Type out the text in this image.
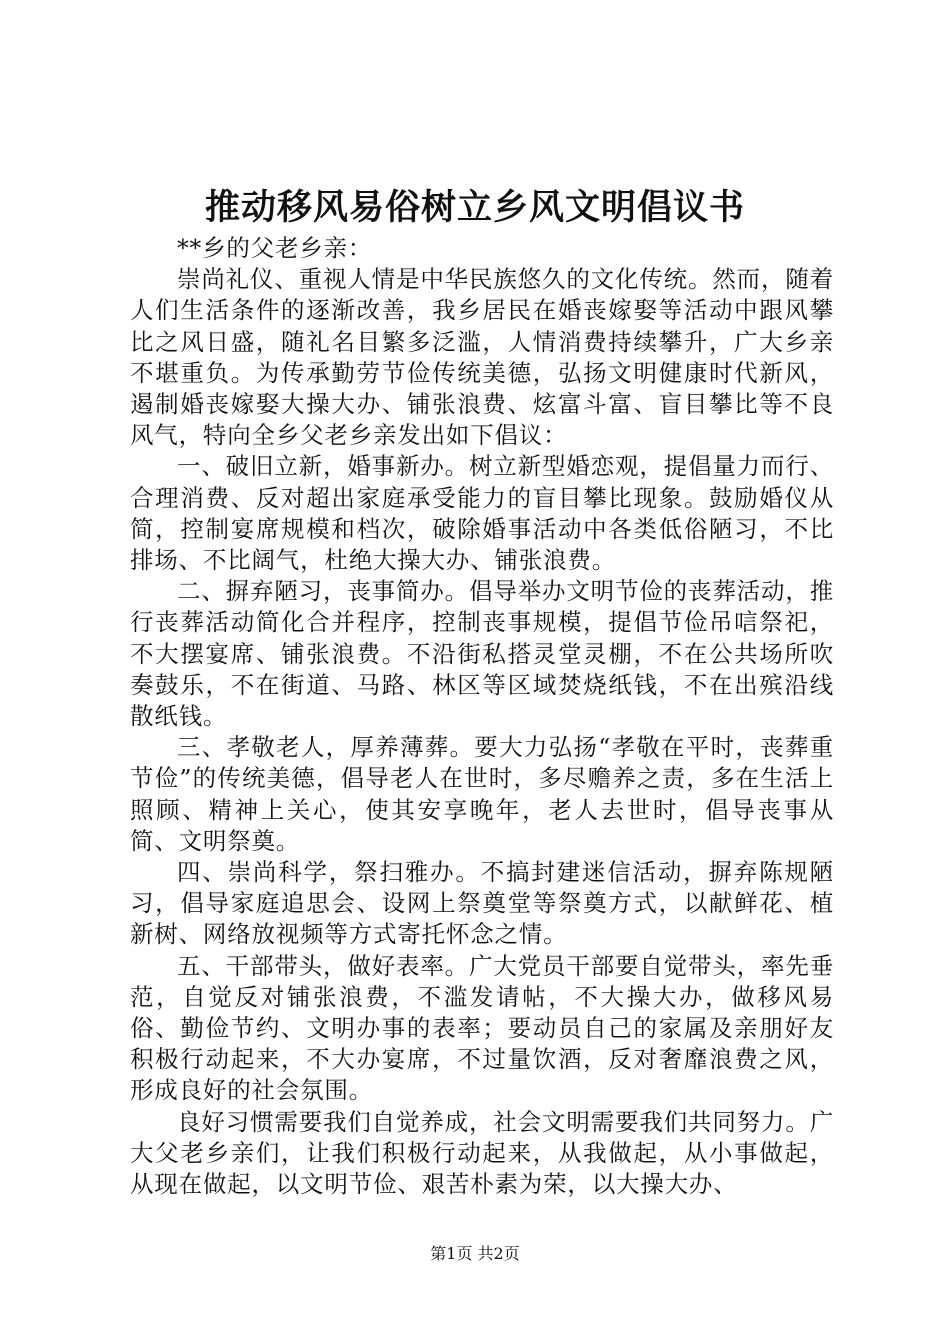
推动移风易俗树立乡风文明倡议书

**乡的父老乡亲：

崇尚礼仪、重视人情是中华民族悠久的文化传统。然而，随着人们生活条件的逐渐改善，我乡居民在婚丧嫁娶等活动中跟风攀比之风日盛，随礼名目繁多泛滥，人情消费持续攀升，广大乡亲不堪重负。为传承勤劳节俭传统美德，弘扬文明健康时代新风，遏制婚丧嫁娶大操大办、铺张浪费、炫富斗富、盲目攀比等不良风气，特向全乡父老乡亲发出如下倡议：

一、破旧立新，婚事新办。树立新型婚恋观，提倡量力而行、合理消费、反对超出家庭承受能力的盲目攀比现象。鼓励婚仪从简，控制宴席规模和档次，破除婚事活动中各类低俗陋习，不比排场、不比阔气，杜绝大操大办、铺张浪费。

二、摒弃陋习，丧事简办。倡导举办文明节俭的丧葬活动，推行丧葬活动简化合并程序，控制丧事规模，提倡节俭吊唁祭祀，不大摆宴席、铺张浪费。不沿街私搭灵堂灵棚，不在公共场所吹奏鼓乐，不在街道、马路、林区等区域焚烧纸钱，不在出殡沿线散纸钱。

三、孝敬老人，厚养薄葬。要大力弘扬“孝敬在平时，丧葬重节俭”的传统美德，倡导老人在世时，多尽赡养之责，多在生活上照顾、精神上关心，使其安享晚年，老人去世时，倡导丧事从简、文明祭奠。

四、崇尚科学，祭扫雅办。不搞封建迷信活动，摒弃陈规陋习，倡导家庭追思会、设网上祭奠堂等祭奠方式，以献鲜花、植新树、网络放视频等方式寄托怀念之情。

五、干部带头，做好表率。广大党员干部要自觉带头，率先垂范，自觉反对铺张浪费，不滥发请帖，不大操大办，做移风易俗、勤俭节约、文明办事的表率；要动员自己的家属及亲朋好友积极行动起来，不大办宴席，不过量饮酒，反对奢靡浪费之风，形成良好的社会氛围。

良好习惯需要我们自觉养成，社会文明需要我们共同努力。广大父老乡亲们，让我们积极行动起来，从我做起，从小事做起，从现在做起，以文明节俭、艰苦朴素为荣，以大操大办、

第1页 共2页
